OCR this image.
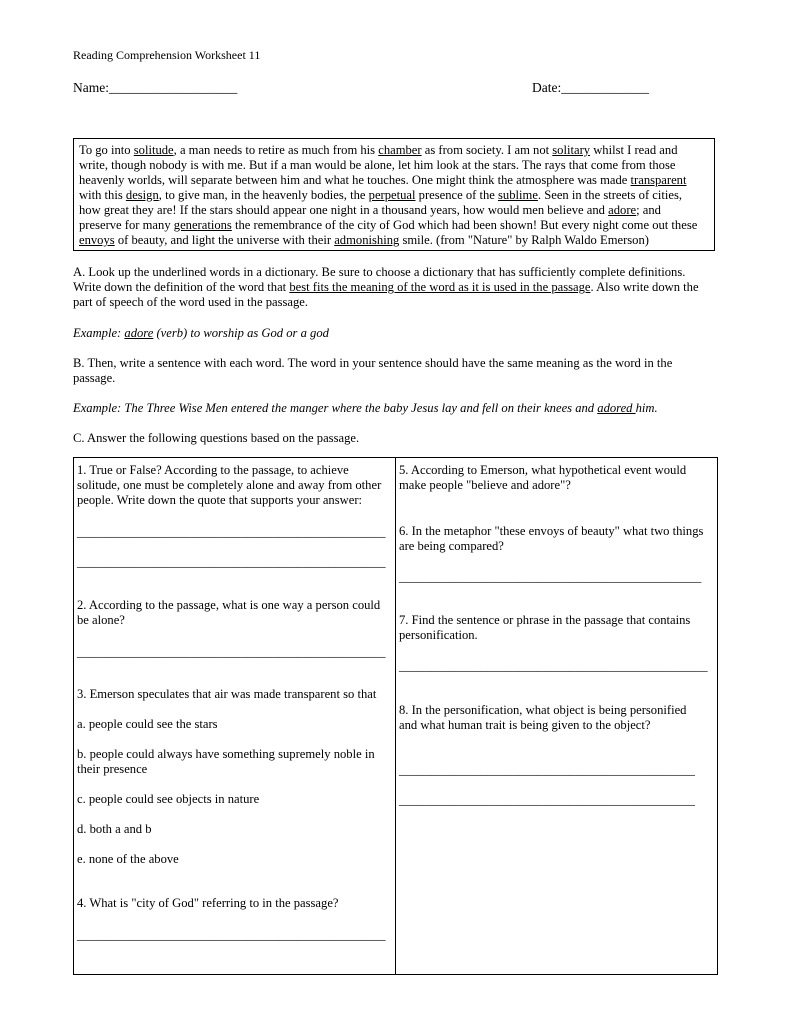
Reading Comprehension Worksheet 11
Name:___________________	Date:_____________
To go into solitude, a man needs to retire as much from his chamber as from society. I am not solitary whilst I read and
write, though nobody is with me. But if a man would be alone, let him look at the stars. The rays that come from those
heavenly worlds, will separate between him and what he touches. One might think the atmosphere was made transparent
with this design, to give man, in the heavenly bodies, the perpetual presence of the sublime. Seen in the streets of cities,
how great they are! If the stars should appear one night in a thousand years, how would men believe and adore; and
preserve for many generations the remembrance of the city of God which had been shown! But every night come out these
envoys of beauty, and light the universe with their admonishing smile. (from "Nature" by Ralph Waldo Emerson)
A. Look up the underlined words in a dictionary. Be sure to choose a dictionary that has sufficiently complete definitions.
Write down the definition of the word that best fits the meaning of the word as it is used in the passage. Also write down the
part of speech of the word used in the passage.
Example: adore (verb) to worship as God or a god
B. Then, write a sentence with each word. The word in your sentence should have the same meaning as the word in the
passage.
Example: The Three Wise Men entered the manger where the baby Jesus lay and fell on their knees and adored him.
C. Answer the following questions based on the passage.
1. True or False? According to the passage, to achieve
solitude, one must be completely alone and away from other
people. Write down the quote that supports your answer:
_________________________________________________
_________________________________________________
2. According to the passage, what is one way a person could
be alone?
_________________________________________________
3. Emerson speculates that air was made transparent so that
a. people could see the stars
b. people could always have something supremely noble in
their presence
c. people could see objects in nature
d. both a and b
e. none of the above
4. What is "city of God" referring to in the passage?
_________________________________________________
5. According to Emerson, what hypothetical event would
make people "believe and adore"?
6. In the metaphor "these envoys of beauty" what two things
are being compared?
________________________________________________
7. Find the sentence or phrase in the passage that contains
personification.
_________________________________________________
8. In the personification, what object is being personified
and what human trait is being given to the object?
_______________________________________________
_______________________________________________
